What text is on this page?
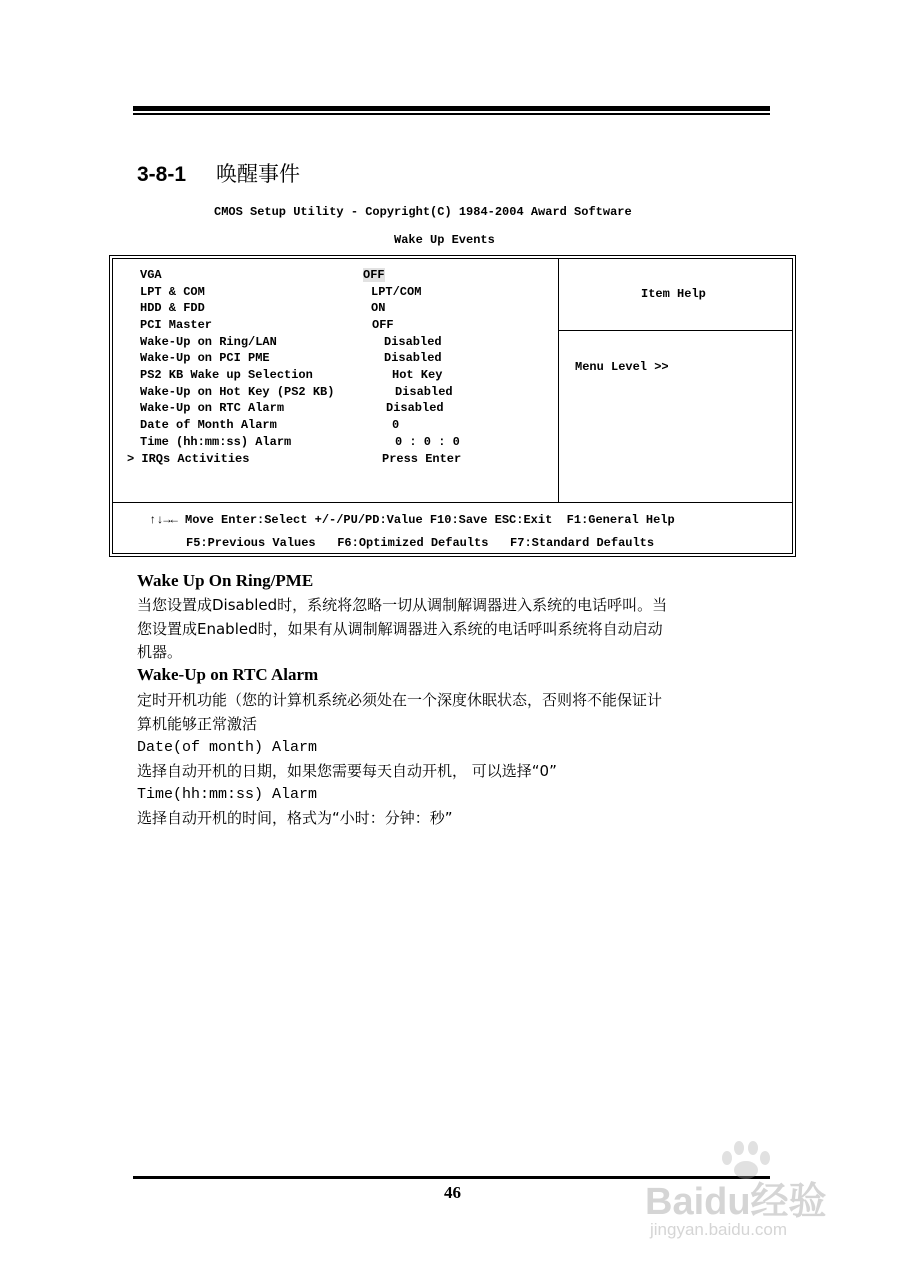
3-8-1 唤醒事件
CMOS Setup Utility - Copyright(C) 1984-2004 Award Software
Wake Up Events
VGA	OFF
LPT & COM	LPT/COM
HDD & FDD	ON
PCI Master	OFF
Wake-Up on Ring/LAN	Disabled
Wake-Up on PCI PME	Disabled
PS2 KB Wake up Selection	Hot Key
Wake-Up on Hot Key (PS2 KB)	Disabled
Wake-Up on RTC Alarm	Disabled
Date of Month Alarm	0
Time (hh:mm:ss) Alarm	0 : 0 : 0
> IRQs Activities	Press Enter
Item Help
Menu Level >>
↑↓→← Move Enter:Select +/-/PU/PD:Value F10:Save ESC:Exit  F1:General Help
F5:Previous Values   F6:Optimized Defaults   F7:Standard Defaults
Wake Up On Ring/PME
当您设置成Disabled时，系统将忽略一切从调制解调器进入系统的电话呼叫。当
您设置成Enabled时，如果有从调制解调器进入系统的电话呼叫系统将自动启动
机器。
Wake-Up on RTC Alarm
定时开机功能（您的计算机系统必须处在一个深度休眠状态，否则将不能保证计
算机能够正常激活
Date(of month) Alarm
选择自动开机的日期，如果您需要每天自动开机， 可以选择“0”
Time(hh:mm:ss) Alarm
选择自动开机的时间，格式为“小时：分钟：秒”
46	Baidu经验
jingyan.baidu.com
